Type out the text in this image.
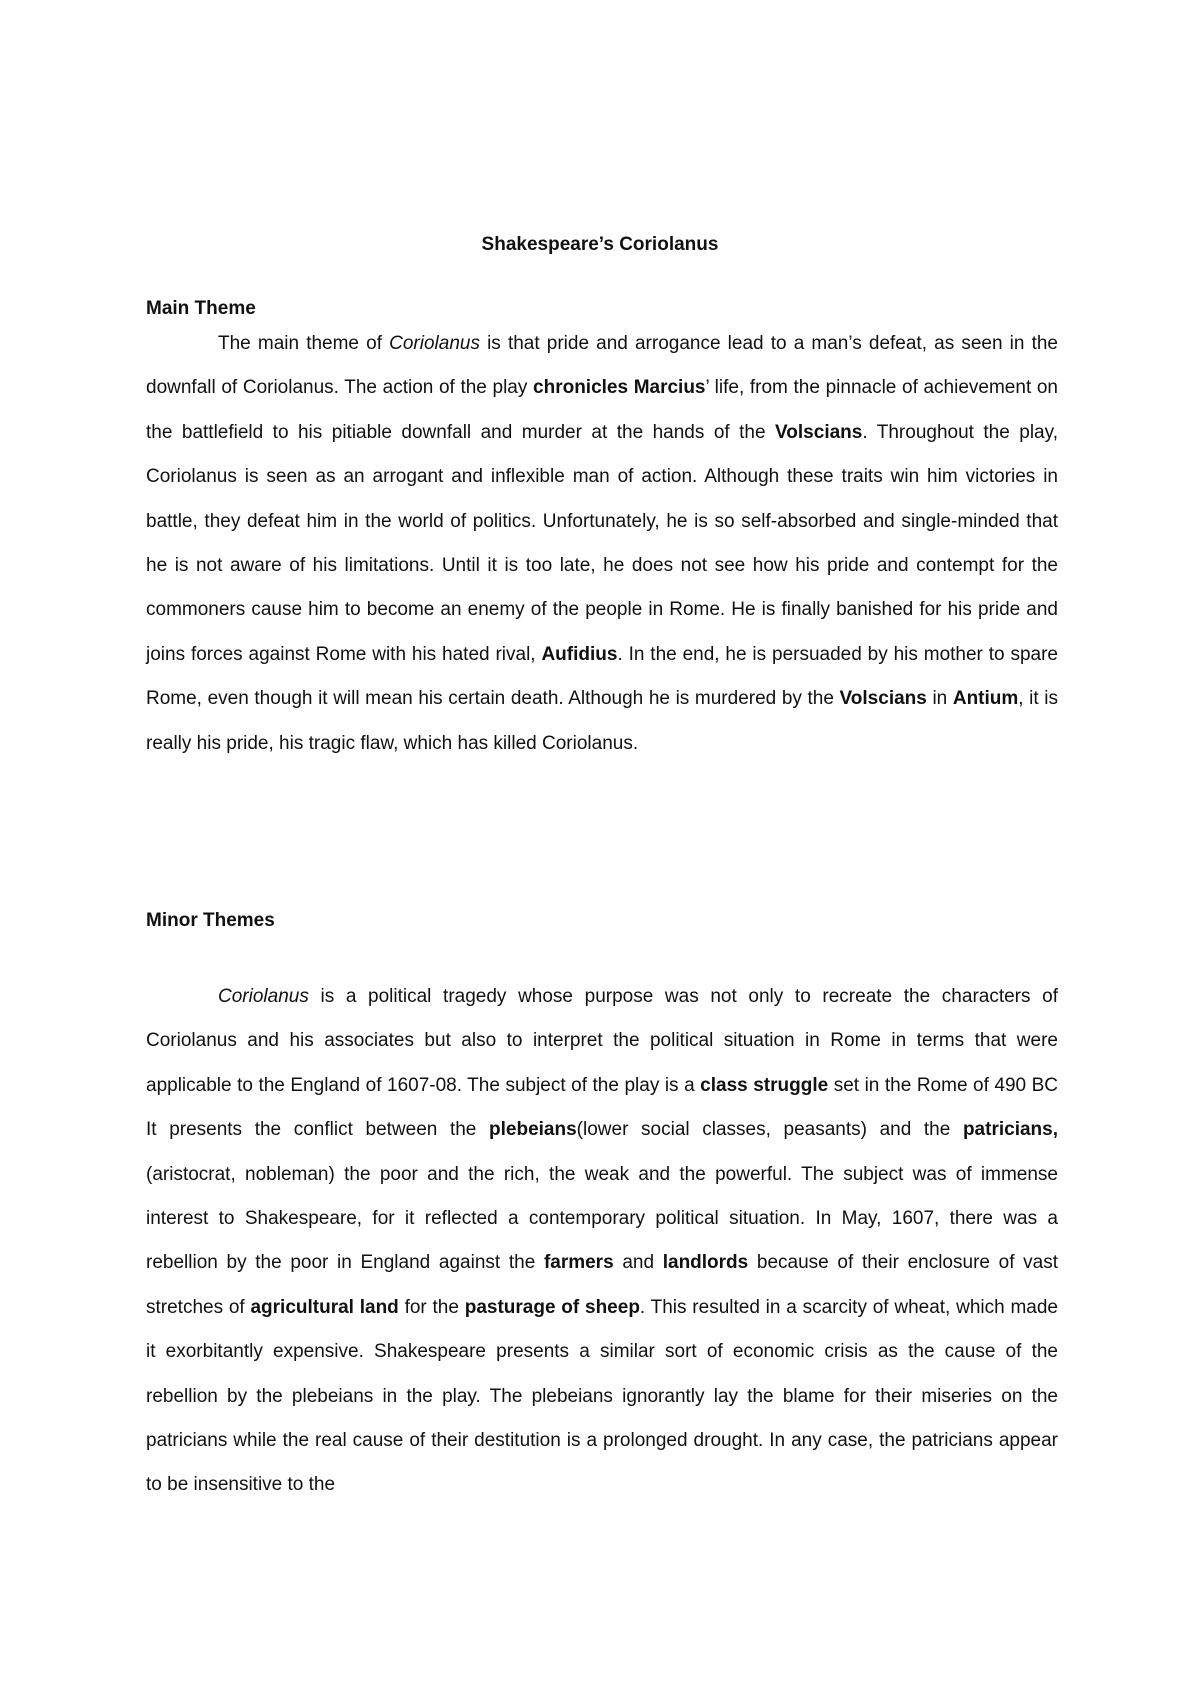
Shakespeare’s Coriolanus
Main Theme

The main theme of Coriolanus is that pride and arrogance lead to a man’s defeat, as seen in the downfall of Coriolanus. The action of the play chronicles Marcius’ life, from the pinnacle of achievement on the battlefield to his pitiable downfall and murder at the hands of the Volscians. Throughout the play, Coriolanus is seen as an arrogant and inflexible man of action. Although these traits win him victories in battle, they defeat him in the world of politics. Unfortunately, he is so self-absorbed and single-minded that he is not aware of his limitations. Until it is too late, he does not see how his pride and contempt for the commoners cause him to become an enemy of the people in Rome. He is finally banished for his pride and joins forces against Rome with his hated rival, Aufidius. In the end, he is persuaded by his mother to spare Rome, even though it will mean his certain death. Although he is murdered by the Volscians in Antium, it is really his pride, his tragic flaw, which has killed Coriolanus.

Minor Themes

Coriolanus is a political tragedy whose purpose was not only to recreate the characters of Coriolanus and his associates but also to interpret the political situation in Rome in terms that were applicable to the England of 1607-08. The subject of the play is a class struggle set in the Rome of 490 BC It presents the conflict between the plebeians(lower social classes, peasants) and the patricians,(aristocrat, nobleman) the poor and the rich, the weak and the powerful. The subject was of immense interest to Shakespeare, for it reflected a contemporary political situation. In May, 1607, there was a rebellion by the poor in England against the farmers and landlords because of their enclosure of vast stretches of agricultural land for the pasturage of sheep. This resulted in a scarcity of wheat, which made it exorbitantly expensive. Shakespeare presents a similar sort of economic crisis as the cause of the rebellion by the plebeians in the play. The plebeians ignorantly lay the blame for their miseries on the patricians while the real cause of their destitution is a prolonged drought. In any case, the patricians appear to be insensitive to the
